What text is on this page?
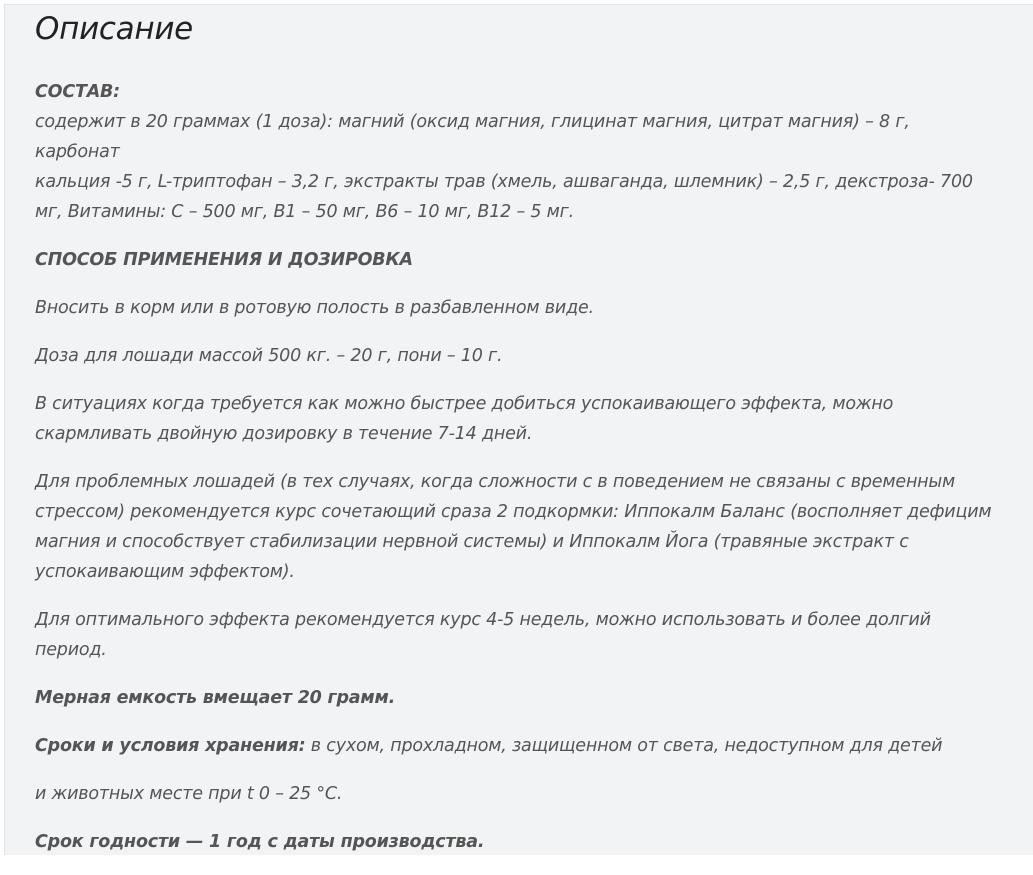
Описание

СОСТАВ:
содержит в 20 граммах (1 доза): магний (оксид магния, глицинат магния, цитрат магния) – 8 г, карбонат
кальция -5 г, L-триптофан – 3,2 г, экстракты трав (хмель, ашваганда, шлемник) – 2,5 г, декстроза- 700
мг, Витамины: С – 500 мг, В1 – 50 мг, В6 – 10 мг, В12 – 5 мг.

СПОСОБ ПРИМЕНЕНИЯ И ДОЗИРОВКА

Вносить в корм или в ротовую полость в разбавленном виде.

Доза для лошади массой 500 кг. – 20 г, пони – 10 г.

В ситуациях когда требуется как можно быстрее добиться успокаивающего эффекта, можно
скармливать двойную дозировку в течение 7-14 дней.

Для проблемных лошадей (в тех случаях, когда сложности с в поведением не связаны с временным
стрессом) рекомендуется курс сочетающий сраза 2 подкормки: Иппокалм Баланс (восполняет дефицим
магния и способствует стабилизации нервной системы) и Иппокалм Йога (травяные экстракт с
успокаивающим эффектом).

Для оптимального эффекта рекомендуется курс 4-5 недель, можно использовать и более долгий
период.

Мерная емкость вмещает 20 грамм.

Сроки и условия хранения: в сухом, прохладном, защищенном от света, недоступном для детей

и животных месте при t 0 – 25 °С.

Срок годности — 1 год с даты производства.
